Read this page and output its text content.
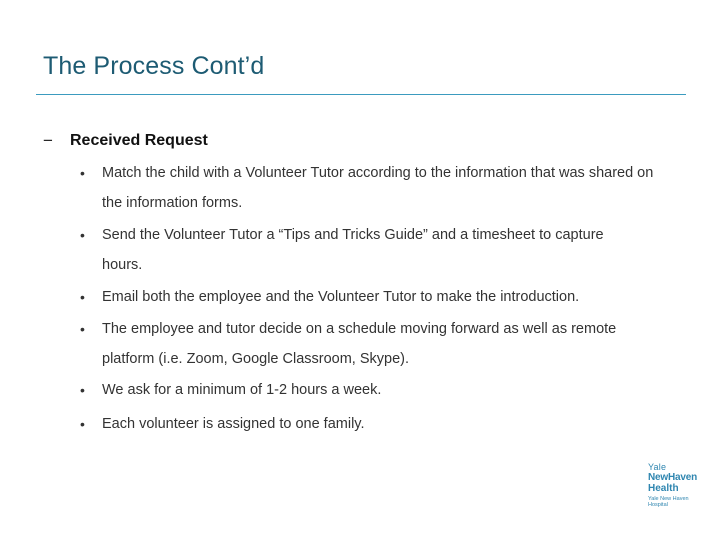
The Process Cont’d
− Received Request
• Match the child with a Volunteer Tutor according to the information that was shared on the information forms.
• Send the Volunteer Tutor a “Tips and Tricks Guide” and a timesheet to capture hours.
• Email both the employee and the Volunteer Tutor to make the introduction.
• The employee and tutor decide on a schedule moving forward as well as remote platform (i.e. Zoom, Google Classroom, Skype).
• We ask for a minimum of 1-2 hours a week.
• Each volunteer is assigned to one family.
Yale
NewHaven
Health
Yale New Haven
Hospital
